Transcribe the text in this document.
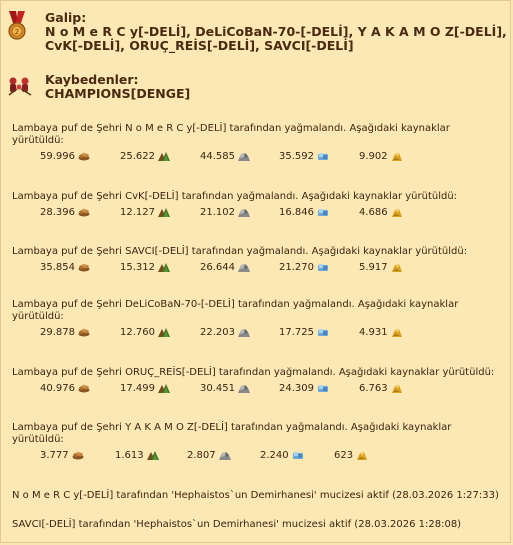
2
Galip:
N o M e R C y[-DELİ], DeLiCoBaN-70-[-DELİ], Y A K A M O Z[-DELİ], CvK[-DELİ], ORUÇ_REİS[-DELİ], SAVCI[-DELİ]
Kaybedenler:
CHAMPIONS[DENGE]
Lambaya puf de Şehri N o M e R C y[-DELİ] tarafından yağmalandı. Aşağıdaki kaynaklar yürütüldü:
59.996	25.622	44.585	35.592	9.902
Lambaya puf de Şehri CvK[-DELİ] tarafından yağmalandı. Aşağıdaki kaynaklar yürütüldü:
28.396	12.127	21.102	16.846	4.686
Lambaya puf de Şehri SAVCI[-DELİ] tarafından yağmalandı. Aşağıdaki kaynaklar yürütüldü:
35.854	15.312	26.644	21.270	5.917
Lambaya puf de Şehri DeLiCoBaN-70-[-DELİ] tarafından yağmalandı. Aşağıdaki kaynaklar yürütüldü:
29.878	12.760	22.203	17.725	4.931
Lambaya puf de Şehri ORUÇ_REİS[-DELİ] tarafından yağmalandı. Aşağıdaki kaynaklar yürütüldü:
40.976	17.499	30.451	24.309	6.763
Lambaya puf de Şehri Y A K A M O Z[-DELİ] tarafından yağmalandı. Aşağıdaki kaynaklar yürütüldü:
3.777	1.613	2.807	2.240	623
N o M e R C y[-DELİ] tarafından 'Hephaistos`un Demirhanesi' mucizesi aktif (28.03.2026 1:27:33)
SAVCI[-DELİ] tarafından 'Hephaistos`un Demirhanesi' mucizesi aktif (28.03.2026 1:28:08)
